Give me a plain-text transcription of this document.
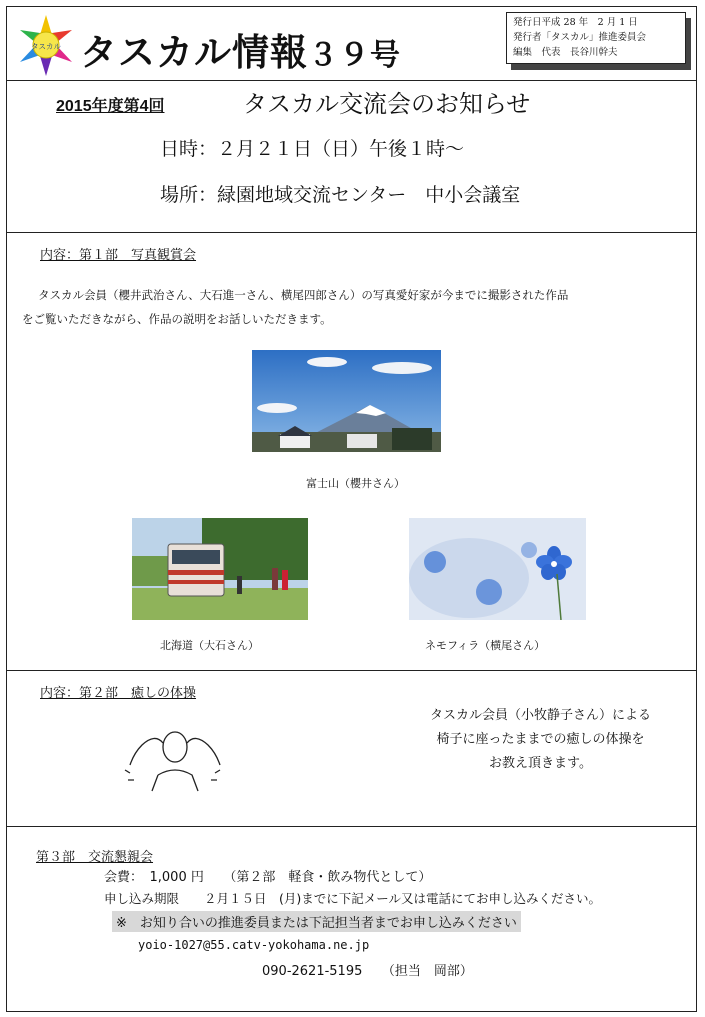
タスカル タスカル情報３９号
発行日平成 28 年　2 月 1 日
発行者「タスカル」推進委員会
編集　代表　長谷川幹夫
2015年度第4回	タスカル交流会のお知らせ
日時：２月２１日（日）午後１時～
場所：緑園地域交流センター　中小会議室
内容：第１部　写真観賞会
タスカル会員（櫻井武治さん、大石進一さん、横尾四郎さん）の写真愛好家が今までに撮影された作品
をご覧いただきながら、作品の説明をお話しいただきます。
富士山（櫻井さん）
北海道（大石さん）	ネモフィラ（横尾さん）
内容：第２部　癒しの体操
タスカル会員（小牧静子さん）による
椅子に座ったままでの癒しの体操を
お教え頂きます。
第３部　交流懇親会
会費：　1,000 円　　（第２部　軽食・飲み物代として）
申し込み期限　　２月１５日　(月)までに下記メール又は電話にてお申し込みください。
※　お知り合いの推進委員または下記担当者までお申し込みください
yoio-1027@55.catv-yokohama.ne.jp
090-2621-5195　　（担当　岡部）
